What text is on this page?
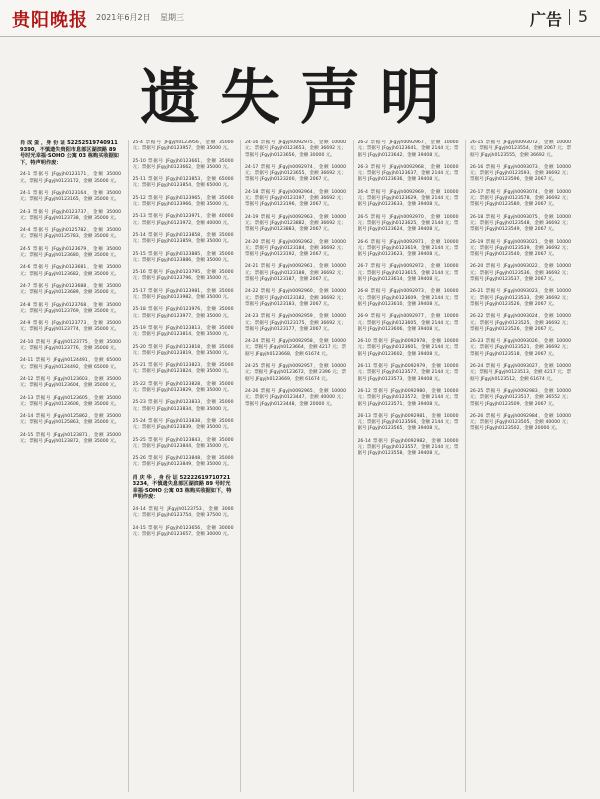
贵阳晚报 2021年6月2日 星期三	广告 5
遗失声明

肖 成 蛋 ，身 份 证 522525197409119390，不慎遗失贵阳市息部区湖滨路 89 号时光幸福·SOHO 公寓 03 栋购买收据如下，特声明作废：

24-1 票据号 JFgyjh0123171，金额 35000 元，票据号 JFgyjh0123172，金额 35000 元。

24-1 票据号 JFgyjh0123164，金额 35000 元；票据号 JFgyjh0123165，金额 35000 元。

24-3 票据号 JFgyjh0123737，金额 35000 元；票据号 JFgyjh0123738，金额 35000 元。

24-4 票据号 JFgyjh0125782，金额 35000 元；票据号 JFgyjh0125783，金额 35000 元。

24-5 票据号 JFgyjh0123679，金额 35000 元；票据号 JFgyjh0123680，金额 35000 元。

24-6 票据号 JFgyjh0123681，金额 35000 元；票据号 JFgyjh0123682，金额 35000 元。

24-7 票据号 JFgyjh0123688，金额 35000 元；票据号 JFgyjh0123689，金额 35000 元。

24-8 票据号 JFgyjh0123768，金额 35000 元；票据号 JFgyjh0123769，金额 35000 元。

24-9 票据号 JFgyjh0123773，金额 35000 元；票据号 JFgyjh0123774，金额 35000 元。

24-10 票据号 JFgyjh0123775，金额 35000 元；票据号 JFgyjh0123776，金额 35000 元。

24-11 票据号 JFgyjh0124491，金额 65000 元；票据号 JFgyjh0124492，金额 65000 元。

24-12 票据号 JFgyjh0123603，金额 35000 元；票据号 JFgyjh0123604，金额 35000 元。

24-13 票据号 JFgyjh0123605，金额 35000 元；票据号 JFgyjh0123606，金额 35000 元。

24-14 票据号 JFgyjh0125862，金额 35000 元；票据号 JFgyjh0125863，金额 35000 元。

24-15 票据号 JFgyjh0123871，金额 35000 元；票据号 JFgyjh0123872，金额 35000 元。

25-4 票据号 JFgyjh0123956，金额 35000 元；票据号 JFgyjh0123957，金额 35000 元。

25-10 票据号 JFgyjh0123661，金额 35000 元；票据号 JFgyjh0123662，金额 35000 元。

25-11 票据号 JFgyjh0123853，金额 65000 元；票据号 JFgyjh0123854，金额 65000 元。

25-12 票据号 JFgyjh0123965，金额 35000 元；票据号 JFgyjh0123966，金额 35000 元。

25-13 票据号 JFgyjh0123971，金额 40000 元；票据号 JFgyjh0123972，金额 40000 元。

25-14 票据号 JFgyjh0123858，金额 35000 元；票据号 JFgyjh0123859，金额 35000 元。

25-15 票据号 JFgyjh0123885，金额 35000 元；票据号 JFgyjh0123886，金额 35000 元。

25-16 票据号 JFgyjh0123795，金额 35000 元；票据号 JFgyjh0123796，金额 35000 元。

25-17 票据号 JFgyjh0123981，金额 35000 元；票据号 JFgyjh0123982，金额 35000 元。

25-18 票据号 JFgyjh0123976，金额 35000 元；票据号 JFgyjh0123977，金额 35000 元。

25-19 票据号 JFgyjh0123813，金额 35000 元；票据号 JFgyjh0123814，金额 35000 元。

25-20 票据号 JFgyjh0123818，金额 35000 元；票据号 JFgyjh0123819，金额 35000 元。

25-21 票据号 JFgyjh0123823，金额 35000 元；票据号 JFgyjh0123824，金额 35000 元。

25-22 票据号 JFgyjh0123828，金额 35000 元；票据号 JFgyjh0123829，金额 35000 元。

25-23 票据号 JFgyjh0123833，金额 35000 元；票据号 JFgyjh0123834，金额 35000 元。

25-24 票据号 JFgyjh0123838，金额 35000 元；票据号 JFgyjh0123839，金额 35000 元。

25-25 票据号 JFgyjh0123843，金额 35000 元；票据号 JFgyjh0123844，金额 35000 元。

25-26 票据号 JFgyjh0123848，金额 35000 元；票据号 JFgyjh0123849，金额 35000 元。

肖 庆 华 ，身 份 证 522226197107213234，不慎遗失息部区湖滨路 89 号时光幸福·SOHO 公寓 03 栋购买收据如下，特声明作废：

24-14 票据号 JFgyjh0123753，金额 3000 元；票据号 JFgyjh0123754，金额 37500 元。

24-15 票据号 JFgyjh0123656，金额 30000 元；票据号 JFgyjh0123657，金额 30000 元。

24-16 票据号 JFgyjh0092975，金额 10000 元；票据号 JFgyjh0123653，金额 36692 元；票据号 JFgyjh0123656，金额 30000 元。

24-17 票据号 JFgyjh0092974，金额 10000 元；票据号 JFgyjh0123655，金额 36692 元；票据号 JFgyjh0123200，金额 2067 元。

24-18 票据号 JFgyjh0092964，金额 10000 元；票据号 JFgyjh0123197，金额 36692 元；票据号 JFgyjh0123196，金额 2067 元。

24-19 票据号 JFgyjh0092963，金额 10000 元；票据号 JFgyjh0123882，金额 36692 元；票据号 JFgyjh0123883，金额 2067 元。

24-20 票据号 JFgyjh0092962，金额 10000 元；票据号 JFgyjh0123184，金额 36692 元；票据号 JFgyjh0123192，金额 2067 元。

24-21 票据号 JFgyjh0092961，金额 10000 元；票据号 JFgyjh0123188，金额 36692 元；票据号 JFgyjh0123187，金额 2067 元。

24-22 票据号 JFgyjh0092960，金额 10000 元；票据号 JFgyjh0123182，金额 36692 元；票据号 JFgyjh0123183，金额 2067 元。

24-23 票据号 JFgyjh0092959，金额 10000 元；票据号 JFgyjh0123175，金额 36692 元；票据号 JFgyjh0123177，金额 2067 元。

24-24 票据号 JFgyjh0092958，金额 10000 元；票据号 JFgyjh0123664，金额 4217 元；票据号 JFgyjh0123668，金额 61674 元。

24-25 票据号 JFgyjh0092957，金额 10000 元；票据号 JFgyjh0123672，金额 2396 元；票据号 JFgyjh0123669，金额 61674 元。

24-26 票据号 JFgyjh0092965，金额 10000 元；票据号 JFgyjh0123447，金额 40000 元；票据号 JFgyjh0123448，金额 20000 元。

26-2 票据号 JFgyjh0092967，金额 10000 元；票据号 JFgyjh0123641，金额 2144 元；票据号 JFgyjh0123642，金额 39408 元。

26-3 票据号 JFgyjh0092968，金额 10000 元；票据号 JFgyjh0123637，金额 2144 元；票据号 JFgyjh0123636，金额 39408 元。

26-4 票据号 JFgyjh0092969，金额 10000 元；票据号 JFgyjh0123629，金额 2144 元；票据号 JFgyjh0123633，金额 39408 元。

26-5 票据号 JFgyjh0092970，金额 10000 元；票据号 JFgyjh0123625，金额 2144 元；票据号 JFgyjh0123624，金额 39408 元。

26-6 票据号 JFgyjh0092971，金额 10000 元；票据号 JFgyjh0123619，金额 2144 元；票据号 JFgyjh0123623，金额 39408 元。

26-7 票据号 JFgyjh0092972，金额 10000 元；票据号 JFgyjh0123615，金额 2144 元；票据号 JFgyjh0123614，金额 39408 元。

26-8 票据号 JFgyjh0092973，金额 10000 元；票据号 JFgyjh0123609，金额 2144 元；票据号 JFgyjh0123610，金额 39408 元。

26-9 票据号 JFgyjh0092977，金额 10000 元；票据号 JFgyjh0123605，金额 2144 元；票据号 JFgyjh0123606，金额 39408 元。

26-10 票据号 JFgyjh0092978，金额 10000 元；票据号 JFgyjh0123601，金额 2144 元；票据号 JFgyjh0123602，金额 39408 元。

26-11 票据号 JFgyjh0092979，金额 10000 元；票据号 JFgyjh0123577，金额 2144 元；票据号 JFgyjh0123573，金额 39408 元。

26-12 票据号 JFgyjh0092980，金额 10000 元；票据号 JFgyjh0123572，金额 2144 元；票据号 JFgyjh0123571，金额 39408 元。

26-13 票据号 JFgyjh0092981，金额 10000 元；票据号 JFgyjh0123566，金额 2144 元；票据号 JFgyjh0123565，金额 39408 元。

26-14 票据号 JFgyjh0092982，金额 10000 元；票据号 JFgyjh0123557，金额 2144 元；票据号 JFgyjh0123558，金额 39408 元。

26-15 票据号 JFgyjh0093072，金额 10000 元；票据号 JFgyjh0123554，金额 2067 元；票据号 JFgyjh0123555，金额 36692 元。

26-16 票据号 JFgyjh0093073，金额 10000 元；票据号 JFgyjh0123593，金额 36692 元；票据号 JFgyjh0123596，金额 2067 元。

26-17 票据号 JFgyjh0093074，金额 10000 元；票据号 JFgyjh0123578，金额 36692 元；票据号 JFgyjh0123580，金额 2067 元。

26-18 票据号 JFgyjh0093075，金额 10000 元；票据号 JFgyjh0123548，金额 36692 元；票据号 JFgyjh0123549，金额 2067 元。

26-19 票据号 JFgyjh0093021，金额 10000 元；票据号 JFgyjh0123539，金额 36692 元；票据号 JFgyjh0123540，金额 2067 元。

26-20 票据号 JFgyjh0093022，金额 10000 元；票据号 JFgyjh0123536，金额 36692 元；票据号 JFgyjh0123537，金额 2067 元。

26-21 票据号 JFgyjh0093023，金额 10000 元；票据号 JFgyjh0123533，金额 36692 元；票据号 JFgyjh0123526，金额 2067 元。

26-22 票据号 JFgyjh0093024，金额 10000 元；票据号 JFgyjh0123525，金额 36692 元；票据号 JFgyjh0123526，金额 2067 元。

26-23 票据号 JFgyjh0093026，金额 10000 元；票据号 JFgyjh0123521，金额 36692 元；票据号 JFgyjh0123518，金额 2067 元。

26-24 票据号 JFgyjh0093027，金额 10000 元；票据号 JFgyjh0123513，金额 4217 元；票据号 JFgyjh0123512，金额 61674 元。

26-25 票据号 JFgyjh0092983，金额 10000 元；票据号 JFgyjh0123517，金额 36552 元；票据号 JFgyjh0123509，金额 2067 元。

26-26 票据号 JFgyjh0092984，金额 10000 元；票据号 JFgyjh0123505，金额 40000 元；票据号 JFgyjh0123502，金额 20000 元。
